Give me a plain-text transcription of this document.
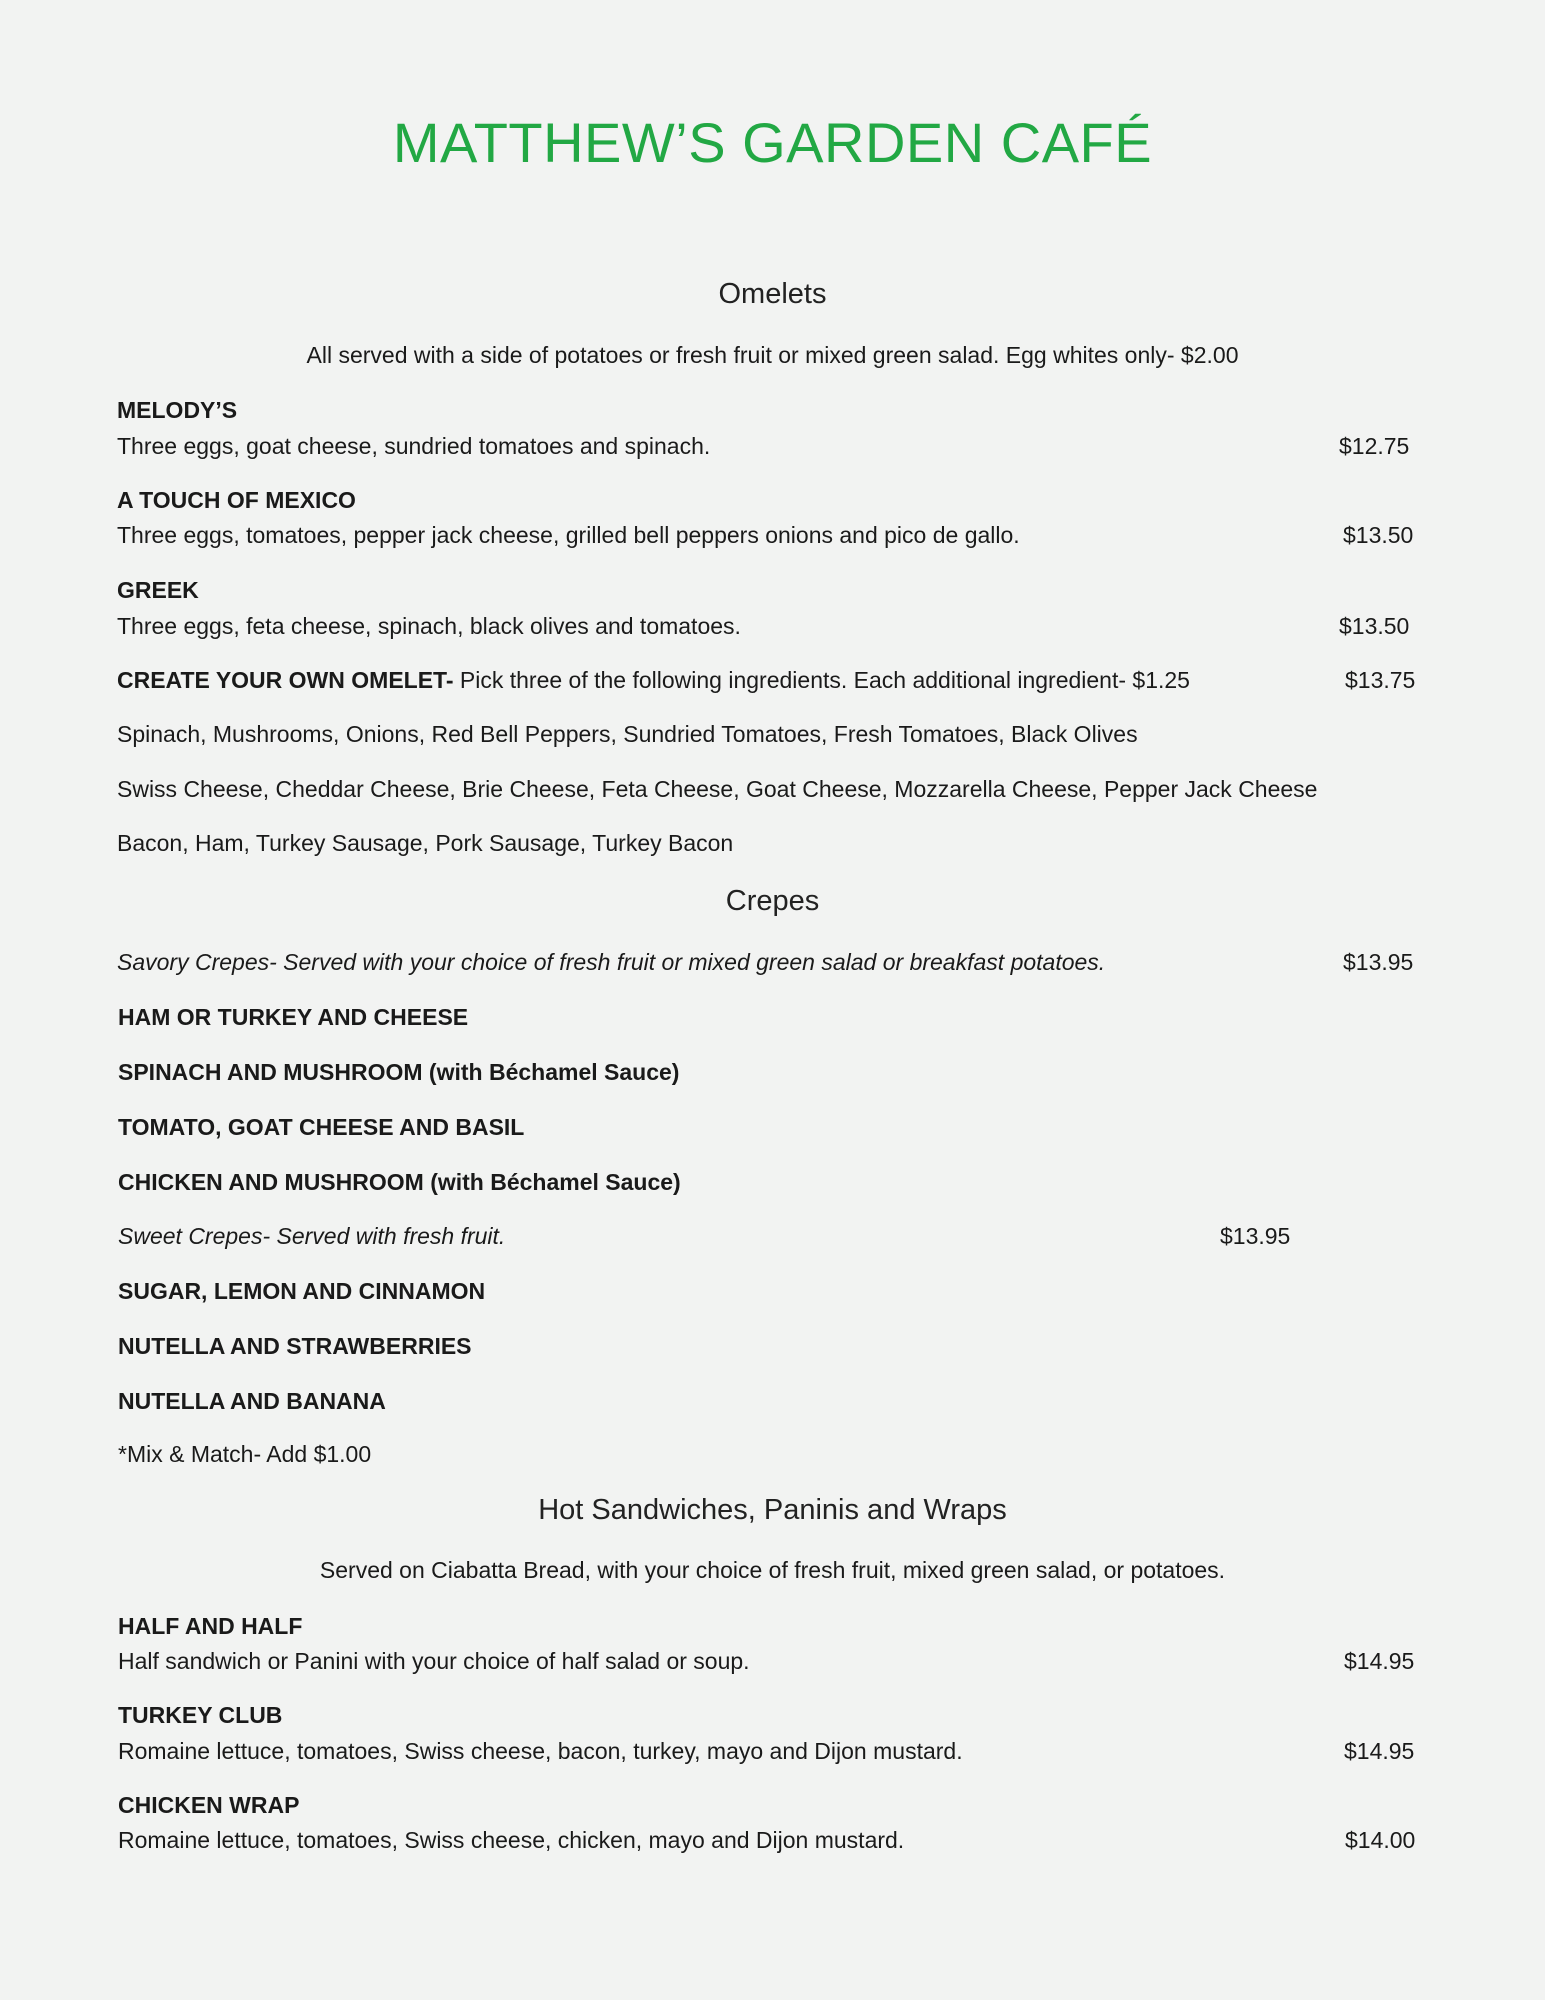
MATTHEW’S GARDEN CAFÉ
Omelets
All served with a side of potatoes or fresh fruit or mixed green salad. Egg whites only- $2.00
MELODY’S
Three eggs, goat cheese, sundried tomatoes and spinach.	$12.75
A TOUCH OF MEXICO
Three eggs, tomatoes, pepper jack cheese, grilled bell peppers onions and pico de gallo.	$13.50
GREEK
Three eggs, feta cheese, spinach, black olives and tomatoes.	$13.50
CREATE YOUR OWN OMELET- Pick three of the following ingredients. Each additional ingredient- $1.25	$13.75
Spinach, Mushrooms, Onions, Red Bell Peppers, Sundried Tomatoes, Fresh Tomatoes, Black Olives
Swiss Cheese, Cheddar Cheese, Brie Cheese, Feta Cheese, Goat Cheese, Mozzarella Cheese, Pepper Jack Cheese
Bacon, Ham, Turkey Sausage, Pork Sausage, Turkey Bacon
Crepes
Savory Crepes- Served with your choice of fresh fruit or mixed green salad or breakfast potatoes.	$13.95
HAM OR TURKEY AND CHEESE
SPINACH AND MUSHROOM (with Béchamel Sauce)
TOMATO, GOAT CHEESE AND BASIL
CHICKEN AND MUSHROOM (with Béchamel Sauce)
Sweet Crepes- Served with fresh fruit.	$13.95
SUGAR, LEMON AND CINNAMON
NUTELLA AND STRAWBERRIES
NUTELLA AND BANANA
*Mix & Match- Add $1.00
Hot Sandwiches, Paninis and Wraps
Served on Ciabatta Bread, with your choice of fresh fruit, mixed green salad, or potatoes.
HALF AND HALF
Half sandwich or Panini with your choice of half salad or soup.	$14.95
TURKEY CLUB
Romaine lettuce, tomatoes, Swiss cheese, bacon, turkey, mayo and Dijon mustard.	$14.95
CHICKEN WRAP
Romaine lettuce, tomatoes, Swiss cheese, chicken, mayo and Dijon mustard.	$14.00
